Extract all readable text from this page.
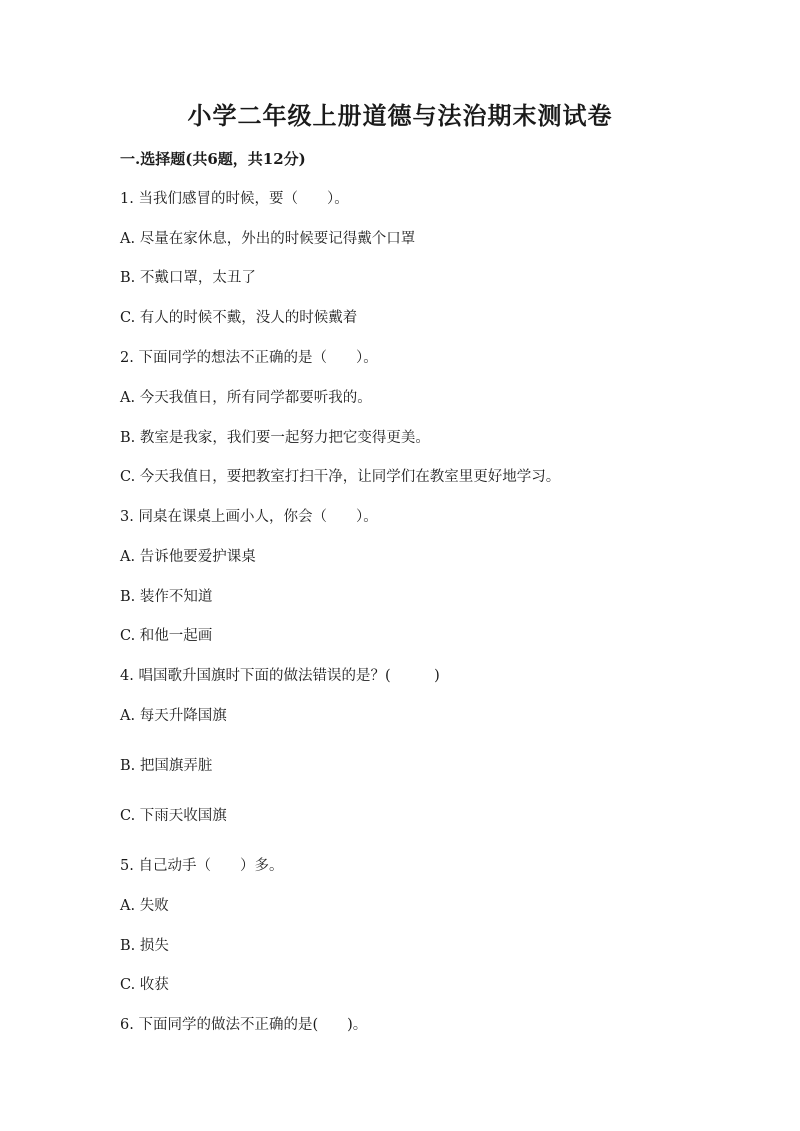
小学二年级上册道德与法治期末测试卷
一.选择题(共6题，共12分)
1. 当我们感冒的时候，要（　　）。
A. 尽量在家休息，外出的时候要记得戴个口罩
B. 不戴口罩，太丑了
C. 有人的时候不戴，没人的时候戴着
2. 下面同学的想法不正确的是（　　）。
A. 今天我值日，所有同学都要听我的。
B. 教室是我家，我们要一起努力把它变得更美。
C. 今天我值日，要把教室打扫干净，让同学们在教室里更好地学习。
3. 同桌在课桌上画小人，你会（　　）。
A. 告诉他要爱护课桌
B. 装作不知道
C. 和他一起画
4. 唱国歌升国旗时下面的做法错误的是？(　　　)
A. 每天升降国旗
B. 把国旗弄脏
C. 下雨天收国旗
5. 自己动手（　　）多。
A. 失败
B. 损失
C. 收获
6. 下面同学的做法不正确的是(　　)。
